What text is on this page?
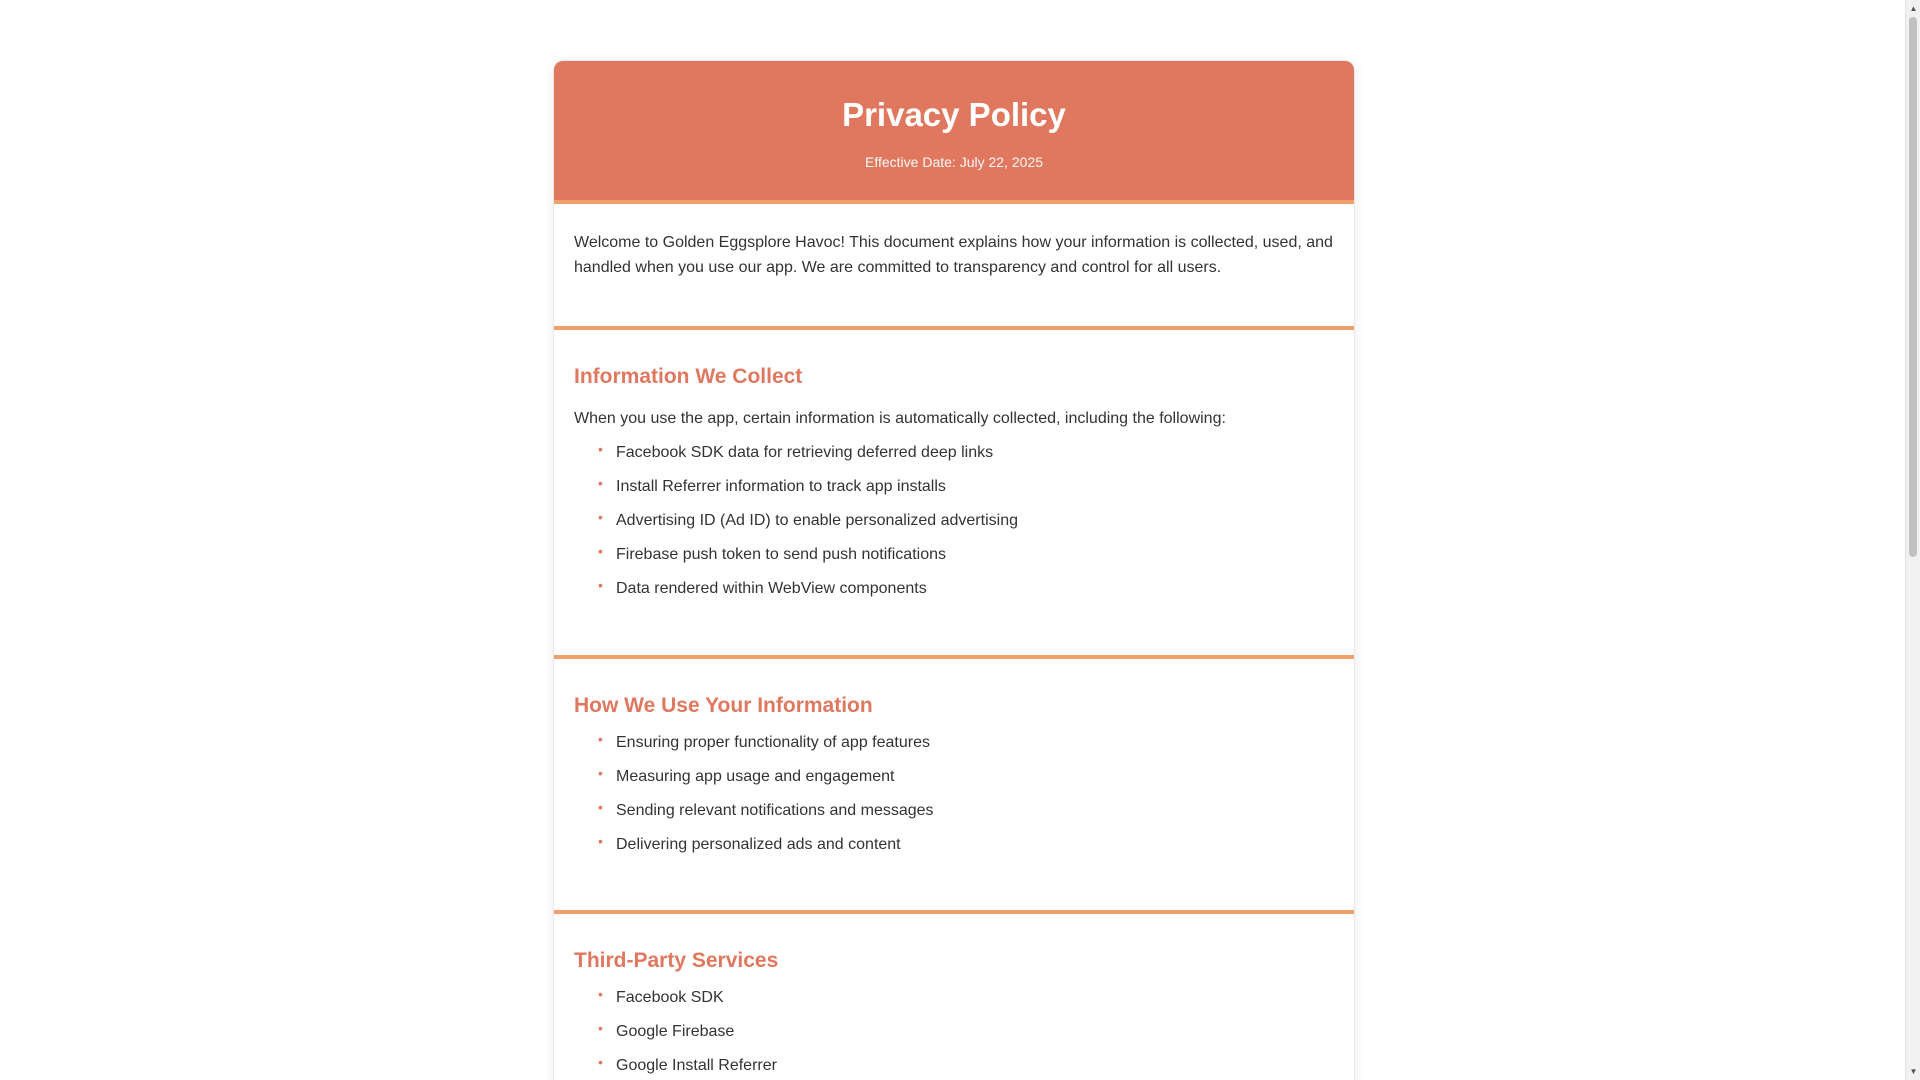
Privacy Policy
Effective Date: July 22, 2025
Welcome to Golden Eggsplore Havoc! This document explains how your information is collected, used, and handled when you use our app. We are committed to transparency and control for all users.
Information We Collect

When you use the app, certain information is automatically collected, including the following:

• Facebook SDK data for retrieving deferred deep links
• Install Referrer information to track app installs
• Advertising ID (Ad ID) to enable personalized advertising
• Firebase push token to send push notifications
• Data rendered within WebView components
How We Use Your Information
• Ensuring proper functionality of app features
• Measuring app usage and engagement
• Sending relevant notifications and messages
• Delivering personalized ads and content
Third-Party Services
• Facebook SDK
• Google Firebase
• Google Install Referrer
▲
▼
